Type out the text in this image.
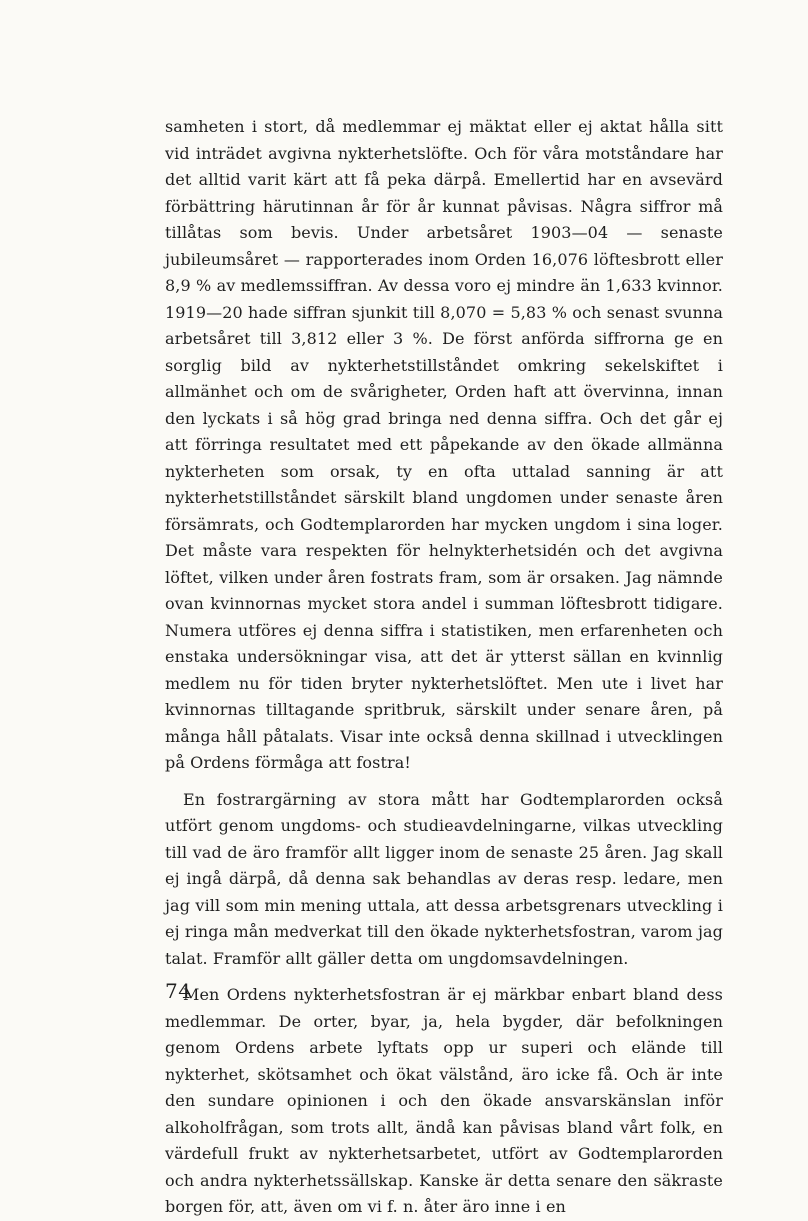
samheten i stort, då medlemmar ej mäktat eller ej aktat hålla sitt vid inträdet avgivna nykterhetslöfte. Och för våra motståndare har det alltid varit kärt att få peka därpå. Emellertid har en avsevärd förbättring härutinnan år för år kunnat påvisas. Några siffror må tillåtas som bevis. Under arbetsåret 1903—04 — senaste jubileumsåret — rapporterades inom Orden 16,076 löftesbrott eller 8,9 % av medlemssiffran. Av dessa voro ej mindre än 1,633 kvinnor. 1919—20 hade siffran sjunkit till 8,070 = 5,83 % och senast svunna arbetsåret till 3,812 eller 3 %. De först anförda siffrorna ge en sorglig bild av nykterhetstillståndet omkring sekelskiftet i allmänhet och om de svårigheter, Orden haft att övervinna, innan den lyckats i så hög grad bringa ned denna siffra. Och det går ej att förringa resultatet med ett påpekande av den ökade allmänna nykterheten som orsak, ty en ofta uttalad sanning är att nykterhetstillståndet särskilt bland ungdomen under senaste åren försämrats, och Godtemplarorden har mycken ungdom i sina loger. Det måste vara respekten för helnykterhetsidén och det avgivna löftet, vilken under åren fostrats fram, som är orsaken. Jag nämnde ovan kvinnornas mycket stora andel i summan löftesbrott tidigare. Numera utföres ej denna siffra i statistiken, men erfarenheten och enstaka undersökningar visa, att det är ytterst sällan en kvinnlig medlem nu för tiden bryter nykterhetslöftet. Men ute i livet har kvinnornas tilltagande spritbruk, särskilt under senare åren, på många håll påtalats. Visar inte också denna skillnad i utvecklingen på Ordens förmåga att fostra!

En fostrargärning av stora mått har Godtemplarorden också utfört genom ungdoms- och studieavdelningarne, vilkas utveckling till vad de äro framför allt ligger inom de senaste 25 åren. Jag skall ej ingå därpå, då denna sak behandlas av deras resp. ledare, men jag vill som min mening uttala, att dessa arbetsgrenars utveckling i ej ringa mån medverkat till den ökade nykterhetsfostran, varom jag talat. Framför allt gäller detta om ungdomsavdelningen.

Men Ordens nykterhetsfostran är ej märkbar enbart bland dess medlemmar. De orter, byar, ja, hela bygder, där befolkningen genom Ordens arbete lyftats opp ur superi och elände till nykterhet, skötsamhet och ökat välstånd, äro icke få. Och är inte den sundare opinionen i och den ökade ansvarskänslan inför alkoholfrågan, som trots allt, ändå kan påvisas bland vårt folk, en värdefull frukt av nykterhetsarbetet, utfört av Godtemplarorden och andra nykterhetssällskap. Kanske är detta senare den säkraste borgen för, att, även om vi f. n. åter äro inne i en

74
